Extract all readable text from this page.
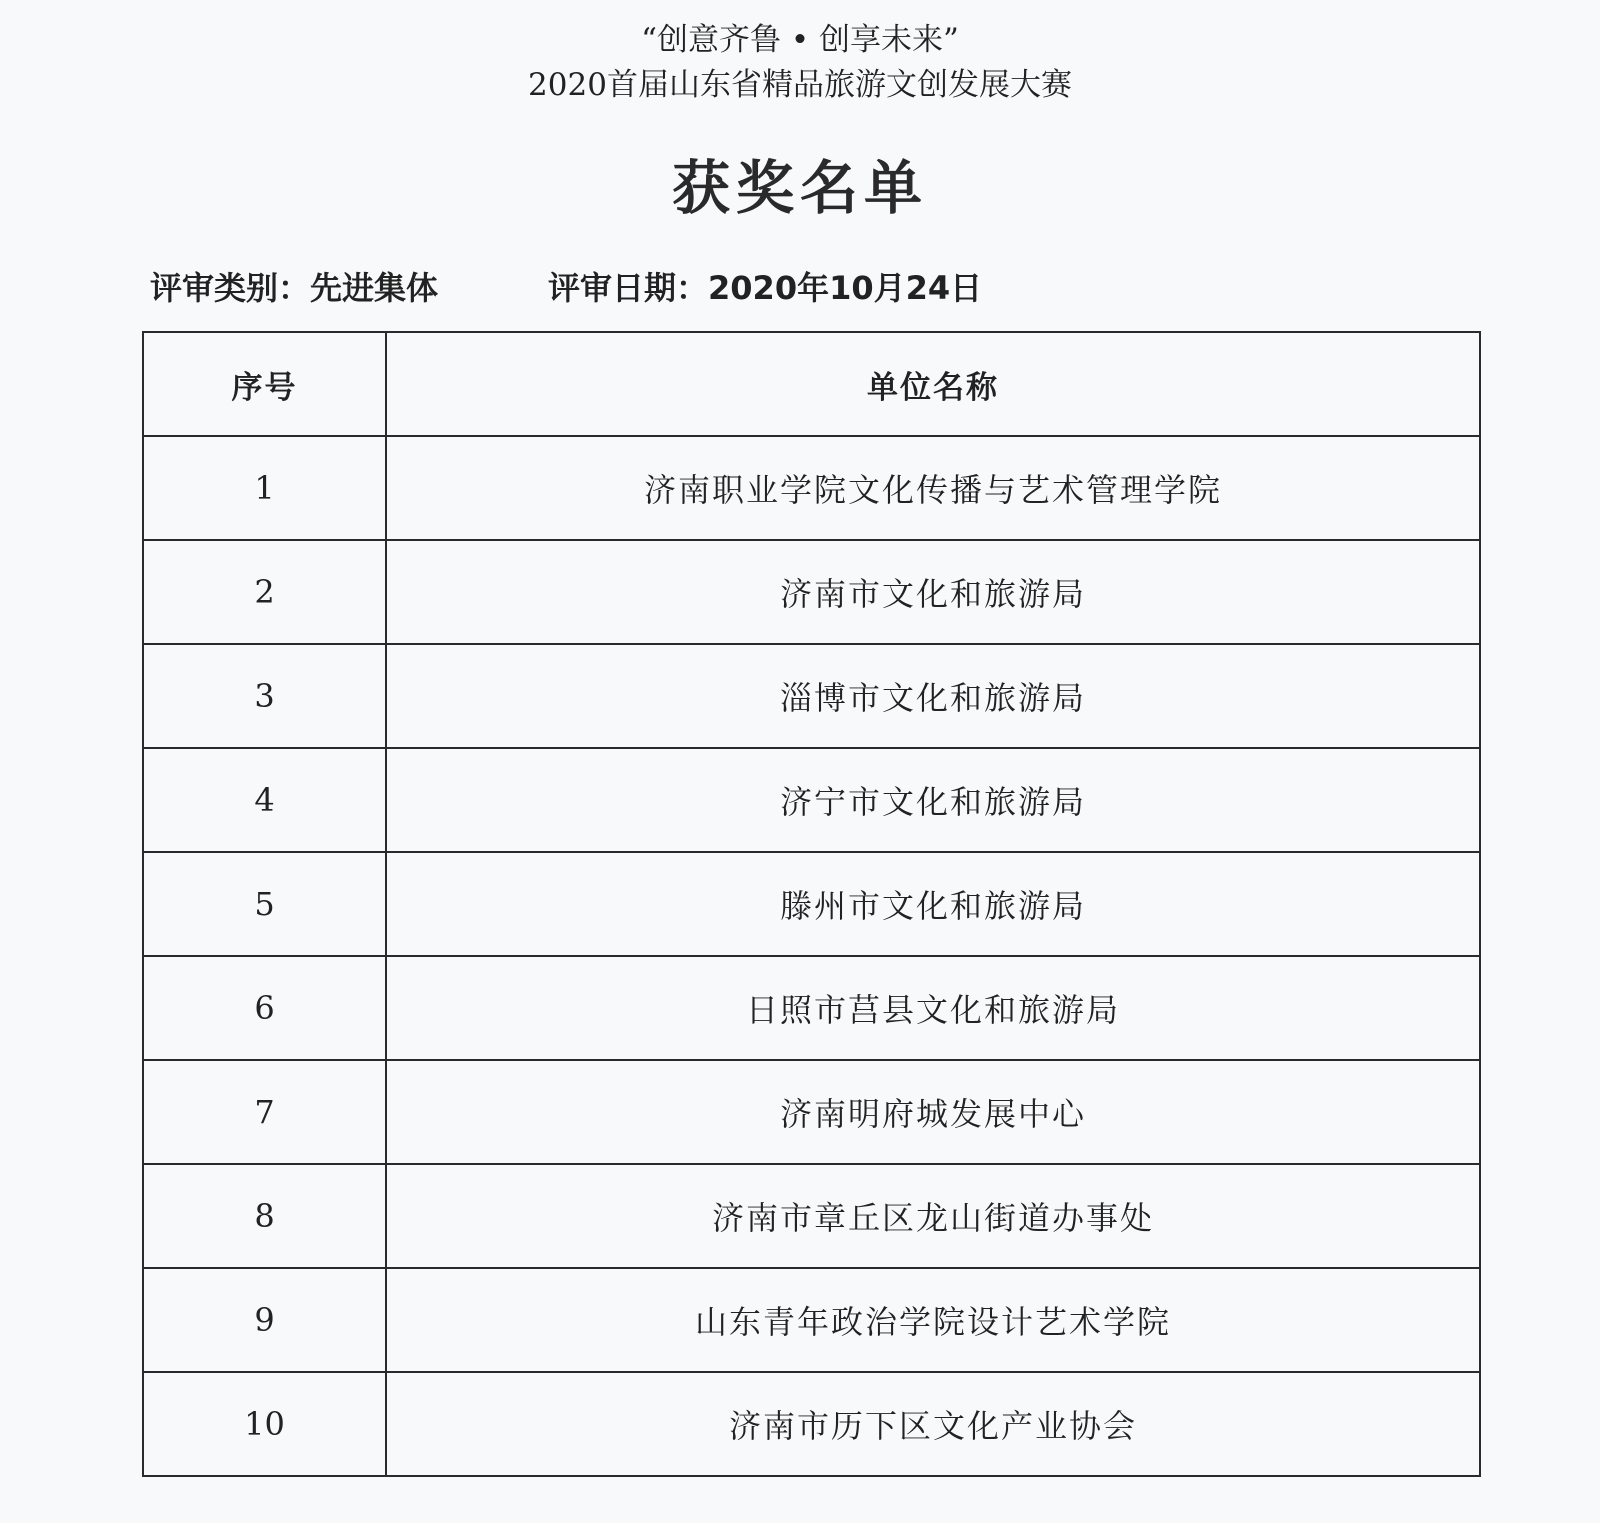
“创意齐鲁 • 创享未来”
2020首届山东省精品旅游文创发展大赛
获奖名单
评审类别：先进集体	评审日期：2020年10月24日
序号	单位名称
1	济南职业学院文化传播与艺术管理学院
2	济南市文化和旅游局
3	淄博市文化和旅游局
4	济宁市文化和旅游局
5	滕州市文化和旅游局
6	日照市莒县文化和旅游局
7	济南明府城发展中心
8	济南市章丘区龙山街道办事处
9	山东青年政治学院设计艺术学院
10	济南市历下区文化产业协会
